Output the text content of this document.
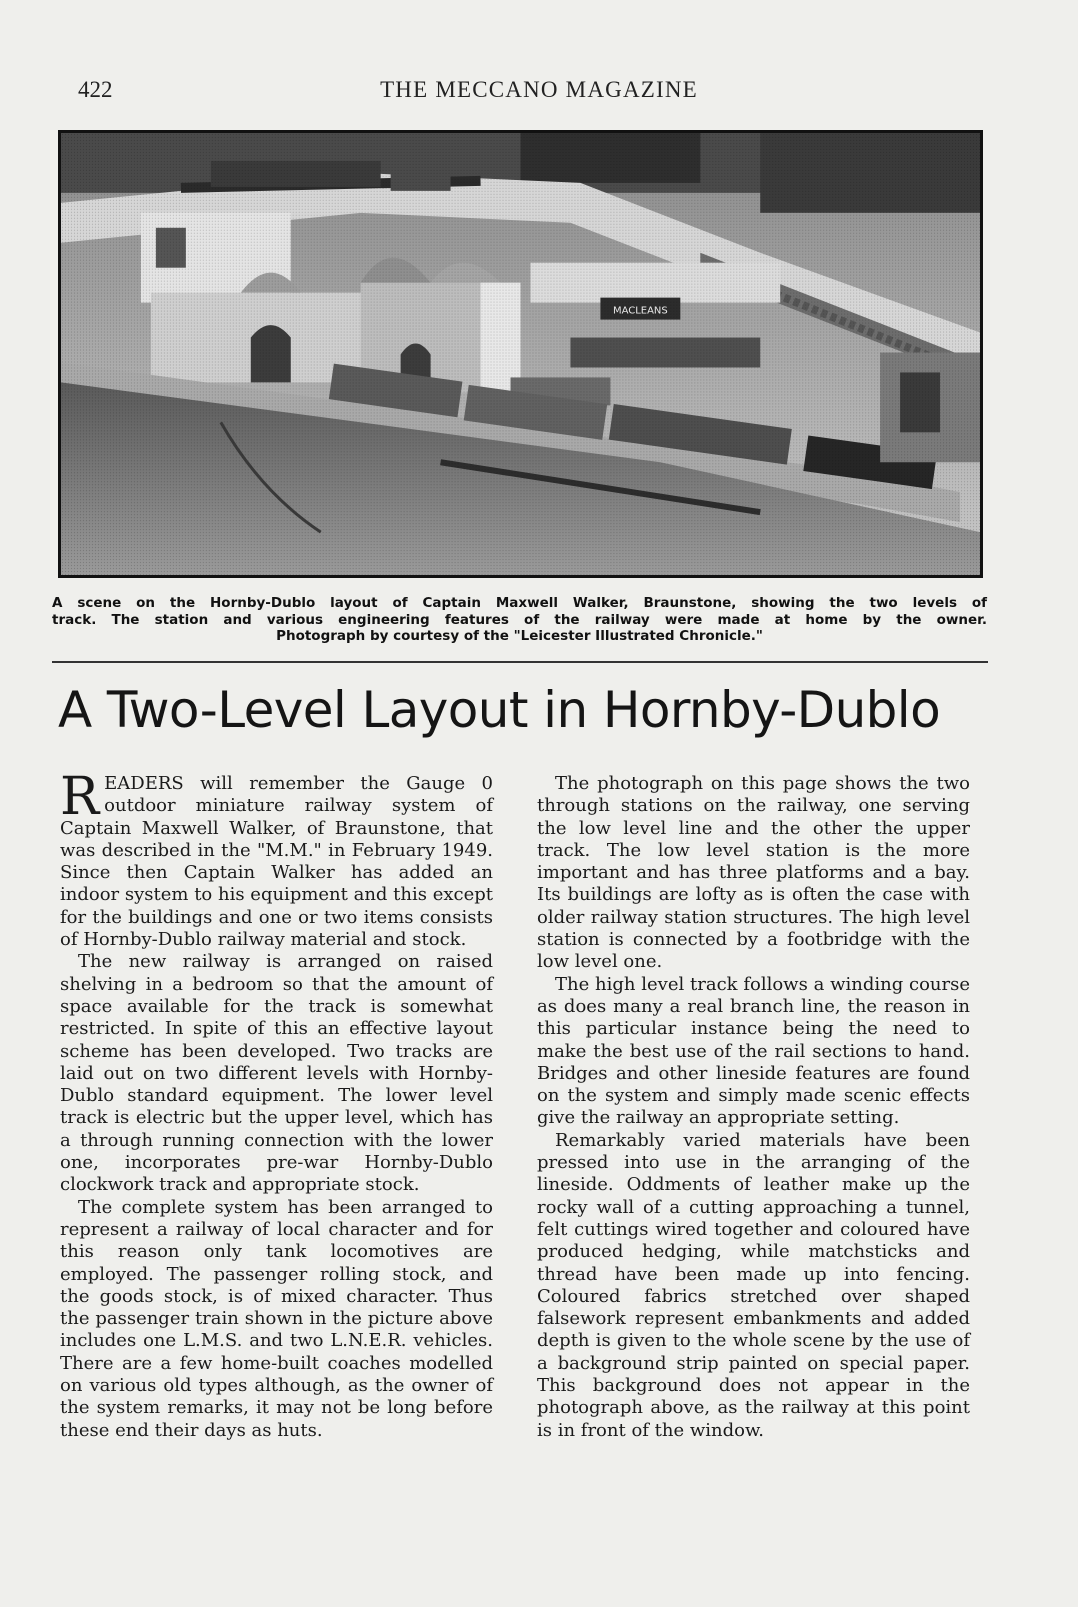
422	THE MECCANO MAGAZINE
A scene on the Hornby-Dublo layout of Captain Maxwell Walker, Braunstone, showing the two levels of
track. The station and various engineering features of the railway were made at home by the owner.
Photograph by courtesy of the "Leicester Illustrated Chronicle."
A Two-Level Layout in Hornby-Dublo

READERS will remember the Gauge 0 outdoor miniature railway system of Captain Maxwell Walker, of Braunstone, that was described in the "M.M." in February 1949. Since then Captain Walker has added an indoor system to his equipment and this except for the buildings and one or two items consists of Hornby-Dublo railway material and stock.

The new railway is arranged on raised shelving in a bedroom so that the amount of space available for the track is somewhat restricted. In spite of this an effective layout scheme has been developed. Two tracks are laid out on two different levels with Hornby-Dublo standard equipment. The lower level track is electric but the upper level, which has a through running connection with the lower one, incorporates pre-war Hornby-Dublo clockwork track and appropriate stock.

The complete system has been arranged to represent a railway of local character and for this reason only tank locomotives are employed. The passenger rolling stock, and the goods stock, is of mixed character. Thus the passenger train shown in the picture above includes one L.M.S. and two L.N.E.R. vehicles. There are a few home-built coaches modelled on various old types although, as the owner of the system remarks, it may not be long before these end their days as huts.

The photograph on this page shows the two through stations on the railway, one serving the low level line and the other the upper track. The low level station is the more important and has three platforms and a bay. Its buildings are lofty as is often the case with older railway station structures. The high level station is connected by a footbridge with the low level one.

The high level track follows a winding course as does many a real branch line, the reason in this particular instance being the need to make the best use of the rail sections to hand. Bridges and other lineside features are found on the system and simply made scenic effects give the railway an appropriate setting.

Remarkably varied materials have been pressed into use in the arranging of the lineside. Oddments of leather make up the rocky wall of a cutting approaching a tunnel, felt cuttings wired together and coloured have produced hedging, while matchsticks and thread have been made up into fencing. Coloured fabrics stretched over shaped falsework represent embankments and added depth is given to the whole scene by the use of a background strip painted on special paper. This background does not appear in the photograph above, as the railway at this point is in front of the window.
